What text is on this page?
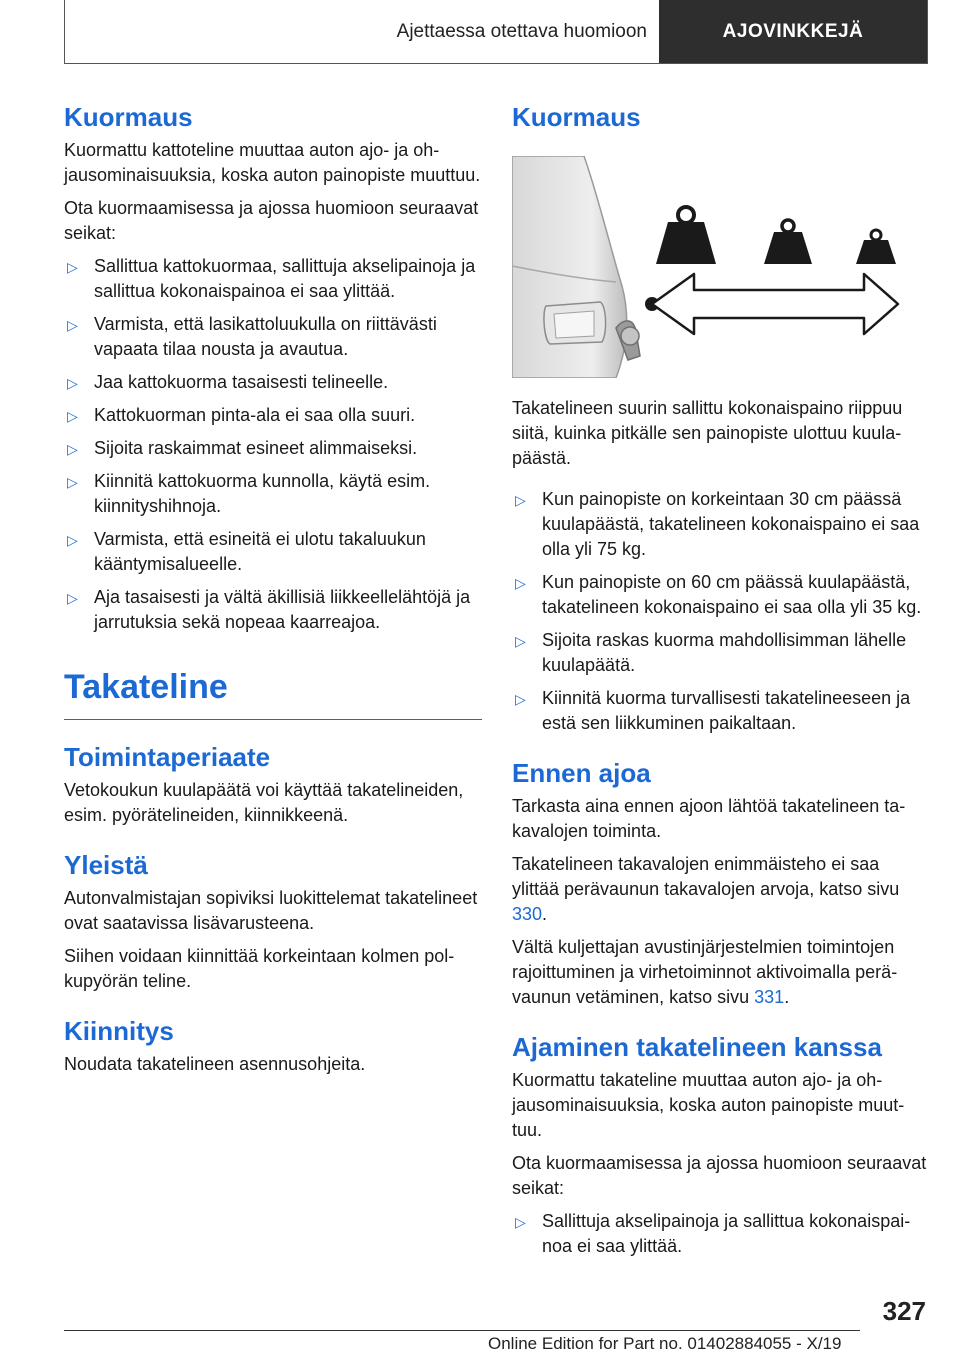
Ajettaessa otettava huomioon	AJOVINKKEJÄ
Kuormaus

Kuormattu kattoteline muuttaa auton ajo- ja ohjausominaisuuksia, koska auton painopiste muuttuu.

Ota kuormaamisessa ja ajossa huomioon seuraavat seikat:

▷ Sallittua kattokuormaa, sallittuja akselipainoja ja sallittua kokonaispainoa ei saa ylittää.
▷ Varmista, että lasikattoluukulla on riittävästi vapaata tilaa nousta ja avautua.
▷ Jaa kattokuorma tasaisesti telineelle.
▷ Kattokuorman pinta-ala ei saa olla suuri.
▷ Sijoita raskaimmat esineet alimmaiseksi.
▷ Kiinnitä kattokuorma kunnolla, käytä esim. kiinnityshihnoja.
▷ Varmista, että esineitä ei ulotu takaluukun kääntymisalueelle.
▷ Aja tasaisesti ja vältä äkillisiä liikkeellelähtöjä ja jarrutuksia sekä nopeaa kaarreajoa.
Takateline
Toimintaperiaate

Vetokoukun kuulapäätä voi käyttää takatelineiden, esim. pyörätelineiden, kiinnikkeenä.

Yleistä

Autonvalmistajan sopiviksi luokittelemat takatelineet ovat saatavissa lisävarusteena.

Siihen voidaan kiinnittää korkeintaan kolmen polkupyörän teline.

Kiinnitys

Noudata takatelineen asennusohjeita.

Kuormaus

Takatelineen suurin sallittu kokonaispaino riippuu siitä, kuinka pitkälle sen painopiste ulottuu kuulapäästä.

▷ Kun painopiste on korkeintaan 30 cm päässä kuulapäästä, takatelineen kokonaispaino ei saa olla yli 75 kg.
▷ Kun painopiste on 60 cm päässä kuulapäästä, takatelineen kokonaispaino ei saa olla yli 35 kg.
▷ Sijoita raskas kuorma mahdollisimman lähelle kuulapäätä.
▷ Kiinnitä kuorma turvallisesti takatelineeseen ja estä sen liikkuminen paikaltaan.
Ennen ajoa

Tarkasta aina ennen ajoon lähtöä takatelineen takavalojen toiminta.

Takatelineen takavalojen enimmäisteho ei saa ylittää perävaunun takavalojen arvoja, katso sivu 330.

Vältä kuljettajan avustinjärjestelmien toimintojen rajoittuminen ja virhetoiminnot aktivoimalla perävaunun vetäminen, katso sivu 331.

Ajaminen takatelineen kanssa

Kuormattu takateline muuttaa auton ajo- ja ohjausominaisuuksia, koska auton painopiste muuttuu.

Ota kuormaamisessa ja ajossa huomioon seuraavat seikat:

▷ Sallittuja akselipainoja ja sallittua kokonaispainoa ei saa ylittää.
327
Online Edition for Part no. 01402884055 - X/19
